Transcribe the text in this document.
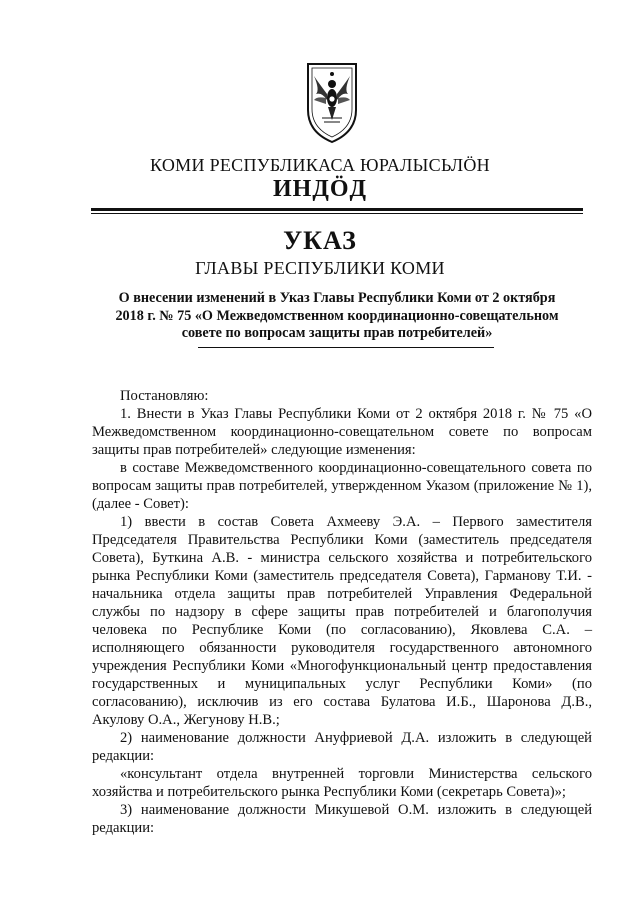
КОМИ РЕСПУБЛИКАСА ЮРАЛЫСЬЛӦН
ИНДӦД
УКАЗ
ГЛАВЫ РЕСПУБЛИКИ КОМИ
О внесении изменений в Указ Главы Республики Коми от 2 октября
2018 г. № 75 «О Межведомственном координационно-совещательном
совете по вопросам защиты прав потребителей»

Постановляю:

1. Внести в Указ Главы Республики Коми от 2 октября 2018 г. № 75 «О Межведомственном координационно-совещательном совете по вопросам защиты прав потребителей» следующие изменения:

в составе Межведомственного координационно-совещательного совета по вопросам защиты прав потребителей, утвержденном Указом (приложение № 1), (далее - Совет):

1) ввести в состав Совета Ахмееву Э.А. – Первого заместителя Председателя Правительства Республики Коми (заместитель председателя Совета), Буткина А.В. - министра сельского хозяйства и потребительского рынка Республики Коми (заместитель председателя Совета), Гарманову Т.И. - начальника отдела защиты прав потребителей Управления Федеральной службы по надзору в сфере защиты прав потребителей и благополучия человека по Республике Коми (по согласованию), Яковлева С.А. – исполняющего обязанности руководителя государственного автономного учреждения Республики Коми «Многофункциональный центр предоставления государственных и муниципальных услуг Республики Коми» (по согласованию), исключив из его состава Булатова И.Б., Шаронова Д.В., Акулову О.А., Жегунову Н.В.;

2) наименование должности Ануфриевой Д.А. изложить в следующей редакции:

«консультант отдела внутренней торговли Министерства сельского хозяйства и потребительского рынка Республики Коми (секретарь Совета)»;

3) наименование должности Микушевой О.М. изложить в следующей редакции:
